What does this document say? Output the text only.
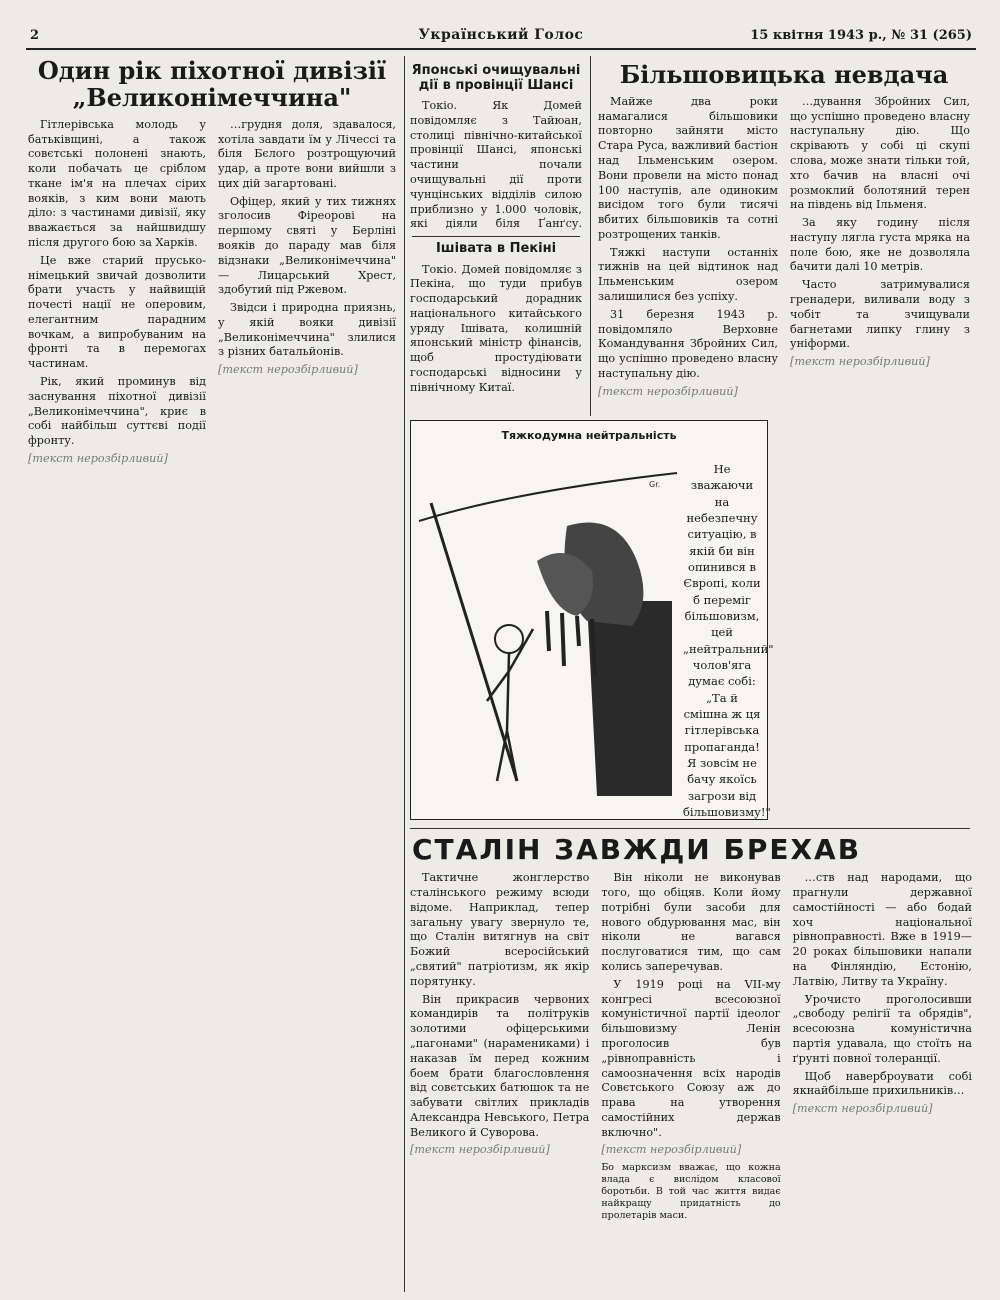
2	Український Голос	15 квітня 1943 р., № 31 (265)
Один рік піхотної дивізії „Великонімеччина"

Гітлерівська молодь у батьківщині, а також совєтські полонені знають, коли побачать це сріблом ткане ім'я на плечах сірих вояків, з ким вони мають діло: з частинами дивізії, яку вважається за найшвидшу після другого бою за Харків.

Це вже старий прусько-німецький звичай дозволити брати участь у найвищій почесті нації не оперовим, елегантним парадним вочкам, а випробуваним на фронті та в перемогах частинам.

Рік, який проминув від заснування піхотної дивізії „Великонімеччина", криє в собі найбільш суттєві події фронту.

[текст нерозбірливий]

…грудня доля, здавалося, хотіла завдати їм у Лічессі та біля Бєлого розтрощуючий удар, а проте вони вийшли з цих дій загартовані.

Офіцер, який у тих тижнях зголосив Фіреорові на першому святі у Берліні вояків до параду мав біля відзнаки „Великонімеччина" — Лицарський Хрест, здобутий під Ржевом.

Звідси і природна приязнь, у якій вояки дивізії „Великонімеччина" злилися з різних батальйонів.

[текст нерозбірливий]

Японські очищувальні дії в провінції Шансі

Токіо. Як Домей повідомляє з Тайюан, столиці північно-китайської провінції Шансі, японські частини почали очищувальні дії проти чунцінських відділів силою приблизно у 1.000 чоловік, які діяли біля Ґанґсу.

Ішівата в Пекіні

Токіо. Домей повідомляє з Пекіна, що туди прибув господарський дорадник національного китайського уряду Ішівата, колишній японський міністр фінансів, щоб простудіювати господарські відносини у північному Китаї.

Більшовицька невдача

Майже два роки намагалися більшовики повторно зайняти місто Стара Руса, важливий бастіон над Ільменським озером. Вони провели на місто понад 100 наступів, але одиноким висідом того були тисячі вбитих більшовиків та сотні розтрощених танків.

Тяжкі наступи останніх тижнів на цей відтинок над Ільменським озером залишилися без успіху.

31 березня 1943 р. повідомляло Верховне Командування Збройних Сил, що успішно проведено власну наступальну дію.

[текст нерозбірливий]

…дування Збройних Сил, що успішно проведено власну наступальну дію. Що скрівають у собі ці скупі слова, може знати тільки той, хто бачив на власні очі розмоклий болотяний терен на південь від Ільменя.

За яку годину після наступу лягла густа мряка на поле бою, яке не дозволяла бачити далі 10 метрів.

Часто затримувалися гренадери, виливали воду з чобіт та зчищували багнетами липку глину з уніформи.

[текст нерозбірливий]

Тяжкодумна нейтральність
Gr.
Не зважаючи на небезпечну ситуацію, в якій би він опинився в Європі, коли б переміг більшовизм, цей „нейтральний" чолов'яга думає собі: „Та й смішна ж ця гітлерівська пропаганда! Я зовсім не бачу якоїсь загрози від більшовизму!"
СТАЛІН ЗАВЖДИ БРЕХАВ

Тактичне жонглерство сталінського режиму всюди відоме. Наприклад, тепер загальну увагу звернуло те, що Сталін витягнув на світ Божий всеросійський „святий" патріотизм, як якір порятунку.

Він прикрасив червоних командирів та політруків золотими офіцерськими „пагонами" (нарамениками) і наказав їм перед кожним боем брати благословлення від совєтських батюшок та не забувати світлих прикладів Александра Невського, Петра Великого й Суворова.

[текст нерозбірливий]

Він ніколи не виконував того, що обіцяв. Коли йому потрібні були засоби для нового обдурювання мас, він ніколи не вагався послуговатися тим, що сам колись заперечував.

У 1919 році на VII-му конгресі всесоюзної комуністичної партії ідеолог більшовизму Ленін проголосив був „рівноправність і самоозначення всіх народів Совєтського Союзу аж до права на утворення самостійних держав включно".

[текст нерозбірливий]

Бо марксизм вважає, що кожна влада є вислідом класової боротьби. В той час життя видає найкращу придатність до пролетарів маси.

…ств над народами, що прагнули державної самостійності — або бодай хоч національної рівноправності. Вже в 1919—20 роках більшовики напали на Фінляндію, Естонію, Латвію, Литву та Україну.

Урочисто проголосивши „свободу релігії та обрядів", всесоюзна комуністична партія удавала, що стоїть на ґрунті повної толеранції.

Щоб наверброувати собі якнайбільше прихильників…

[текст нерозбірливий]
